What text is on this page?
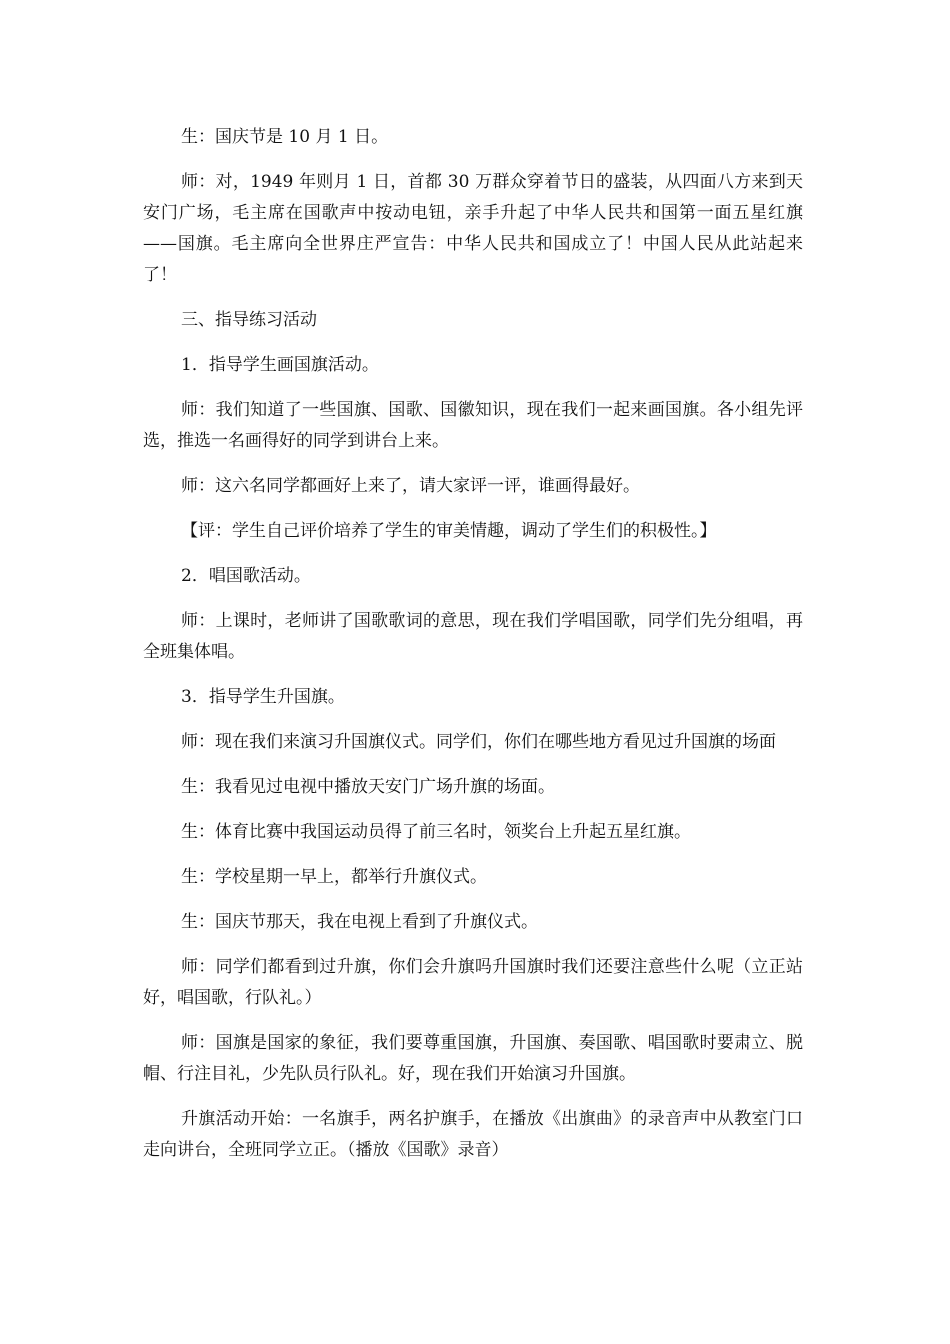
生：国庆节是 10 月 1 日。

师：对，1949 年则月 1 日，首都 30 万群众穿着节日的盛装，从四面八方来到天安门广场，毛主席在国歌声中按动电钮，亲手升起了中华人民共和国第一面五星红旗——国旗。毛主席向全世界庄严宣告：中华人民共和国成立了！中国人民从此站起来了！

三、指导练习活动

1．指导学生画国旗活动。

师：我们知道了一些国旗、国歌、国徽知识，现在我们一起来画国旗。各小组先评选，推选一名画得好的同学到讲台上来。

师：这六名同学都画好上来了，请大家评一评，谁画得最好。

【评：学生自己评价培养了学生的审美情趣，调动了学生们的积极性。】

2．唱国歌活动。

师：上课时，老师讲了国歌歌词的意思，现在我们学唱国歌，同学们先分组唱，再全班集体唱。

3．指导学生升国旗。

师：现在我们来演习升国旗仪式。同学们，你们在哪些地方看见过升国旗的场面

生：我看见过电视中播放天安门广场升旗的场面。

生：体育比赛中我国运动员得了前三名时，领奖台上升起五星红旗。

生：学校星期一早上，都举行升旗仪式。

生：国庆节那天，我在电视上看到了升旗仪式。

师：同学们都看到过升旗，你们会升旗吗升国旗时我们还要注意些什么呢（立正站好，唱国歌，行队礼。）

师：国旗是国家的象征，我们要尊重国旗，升国旗、奏国歌、唱国歌时要肃立、脱帽、行注目礼，少先队员行队礼。好，现在我们开始演习升国旗。

升旗活动开始：一名旗手，两名护旗手，在播放《出旗曲》的录音声中从教室门口走向讲台，全班同学立正。（播放《国歌》录音）
